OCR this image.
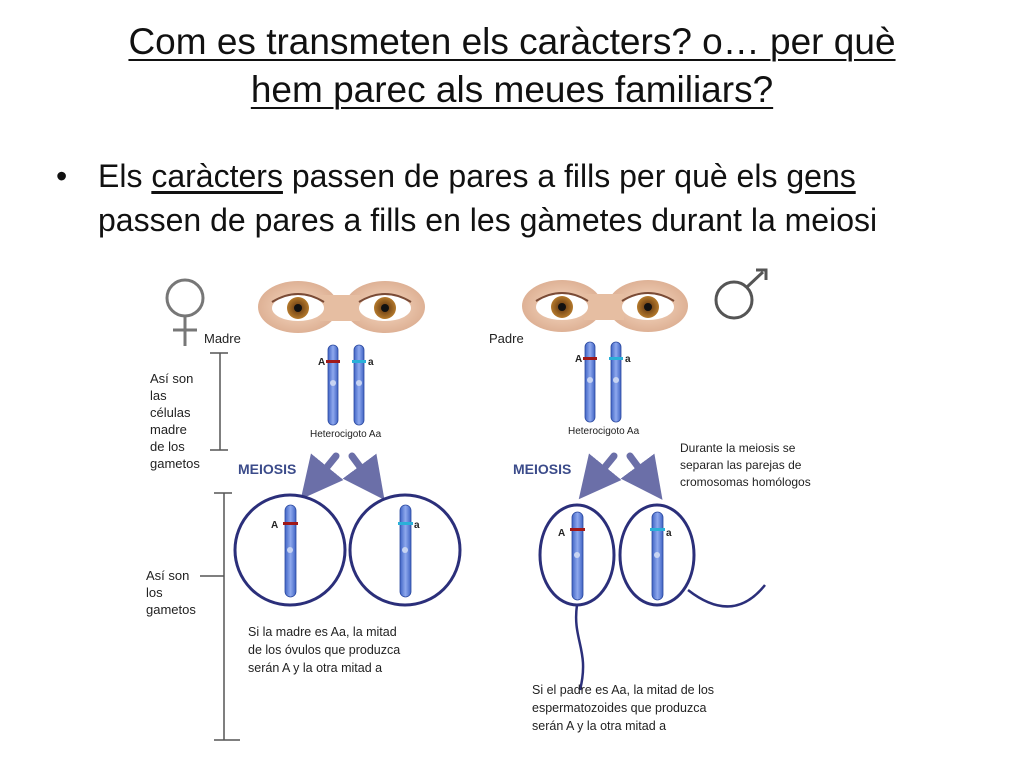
Com es transmeten els caràcters? o… per què
hem parec als meues familiars?
• Els caràcters passen de pares a fills per què els gens
passen de pares a fills en les gàmetes durant la meiosi
Madre	Padre
Así son las células madre de los gametos
Así son los gametos
A	a
Heterocigoto Aa
A	a
Heterocigoto Aa
MEIOSIS	MEIOSIS
Durante la meiosis se separan las parejas de cromosomas homólogos
A	a
A	a
Si la madre es Aa, la mitad de los óvulos que produzca serán A y la otra mitad a
Si el padre es Aa, la mitad de los espermatozoides que produzca serán A y la otra mitad a
